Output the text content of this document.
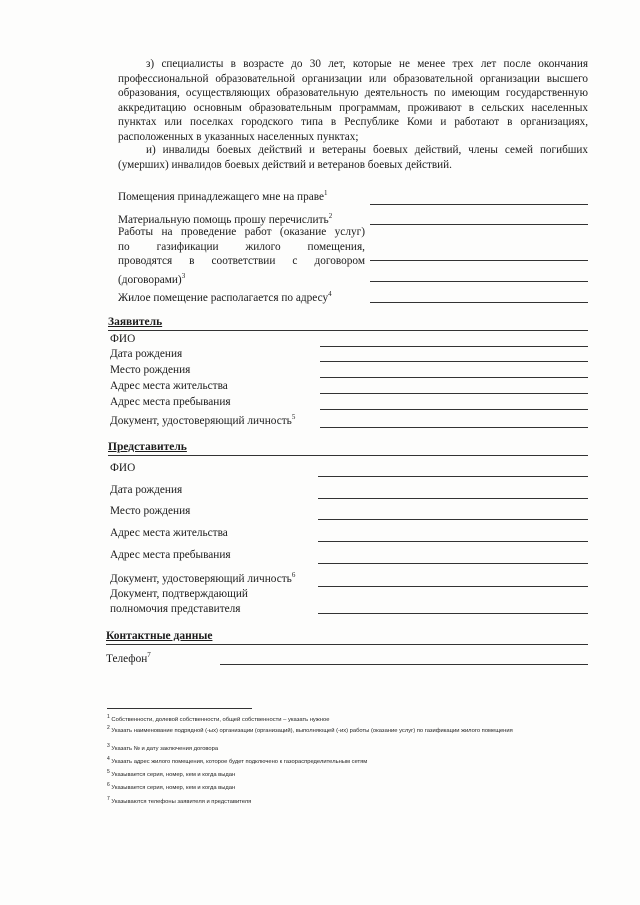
з) специалисты в возрасте до 30 лет, которые не менее трех лет после окончания профессиональной образовательной организации или образовательной организации высшего образования, осуществляющих образовательную деятельность по имеющим государственную аккредитацию основным образовательным программам, проживают в сельских населенных пунктах или поселках городского типа в Республике Коми и работают в организациях, расположенных в указанных населенных пунктах;
и) инвалиды боевых действий и ветераны боевых действий, члены семей погибших (умерших) инвалидов боевых действий и ветеранов боевых действий.
Помещения принадлежащего мне на праве$^1$
Материальную помощь прошу перечислить$^2$
Работы на проведение работ (оказание услуг)
по газификации жилого помещения,
проводятся в соответствии с договором
(договорами)$^3$
Жилое помещение располагается по адресу$^4$
Заявитель
ФИО
Дата рождения
Место рождения
Адрес места жительства
Адрес места пребывания
Документ, удостоверяющий личность$^5$
Представитель
ФИО
Дата рождения
Место рождения
Адрес места жительства
Адрес места пребывания
Документ, удостоверяющий личность$^6$
Документ, подтверждающий
полномочия представителя
Контактные данные
Телефон$^7$
$^1$ Собственности, долевой собственности, общей собственности – указать нужное
$^2$ Указать наименование подрядной (-ых) организации (организаций), выполняющей (-их) работы (оказание услуг) по газификации жилого помещения
$^3$ Указать № и дату заключения договора
$^4$ Указать адрес жилого помещения, которое будет подключено к газораспределительным сетям
$^5$ Указывается серия, номер, кем и когда выдан
$^6$ Указывается серия, номер, кем и когда выдан
$^7$ Указываются телефоны заявителя и представителя
